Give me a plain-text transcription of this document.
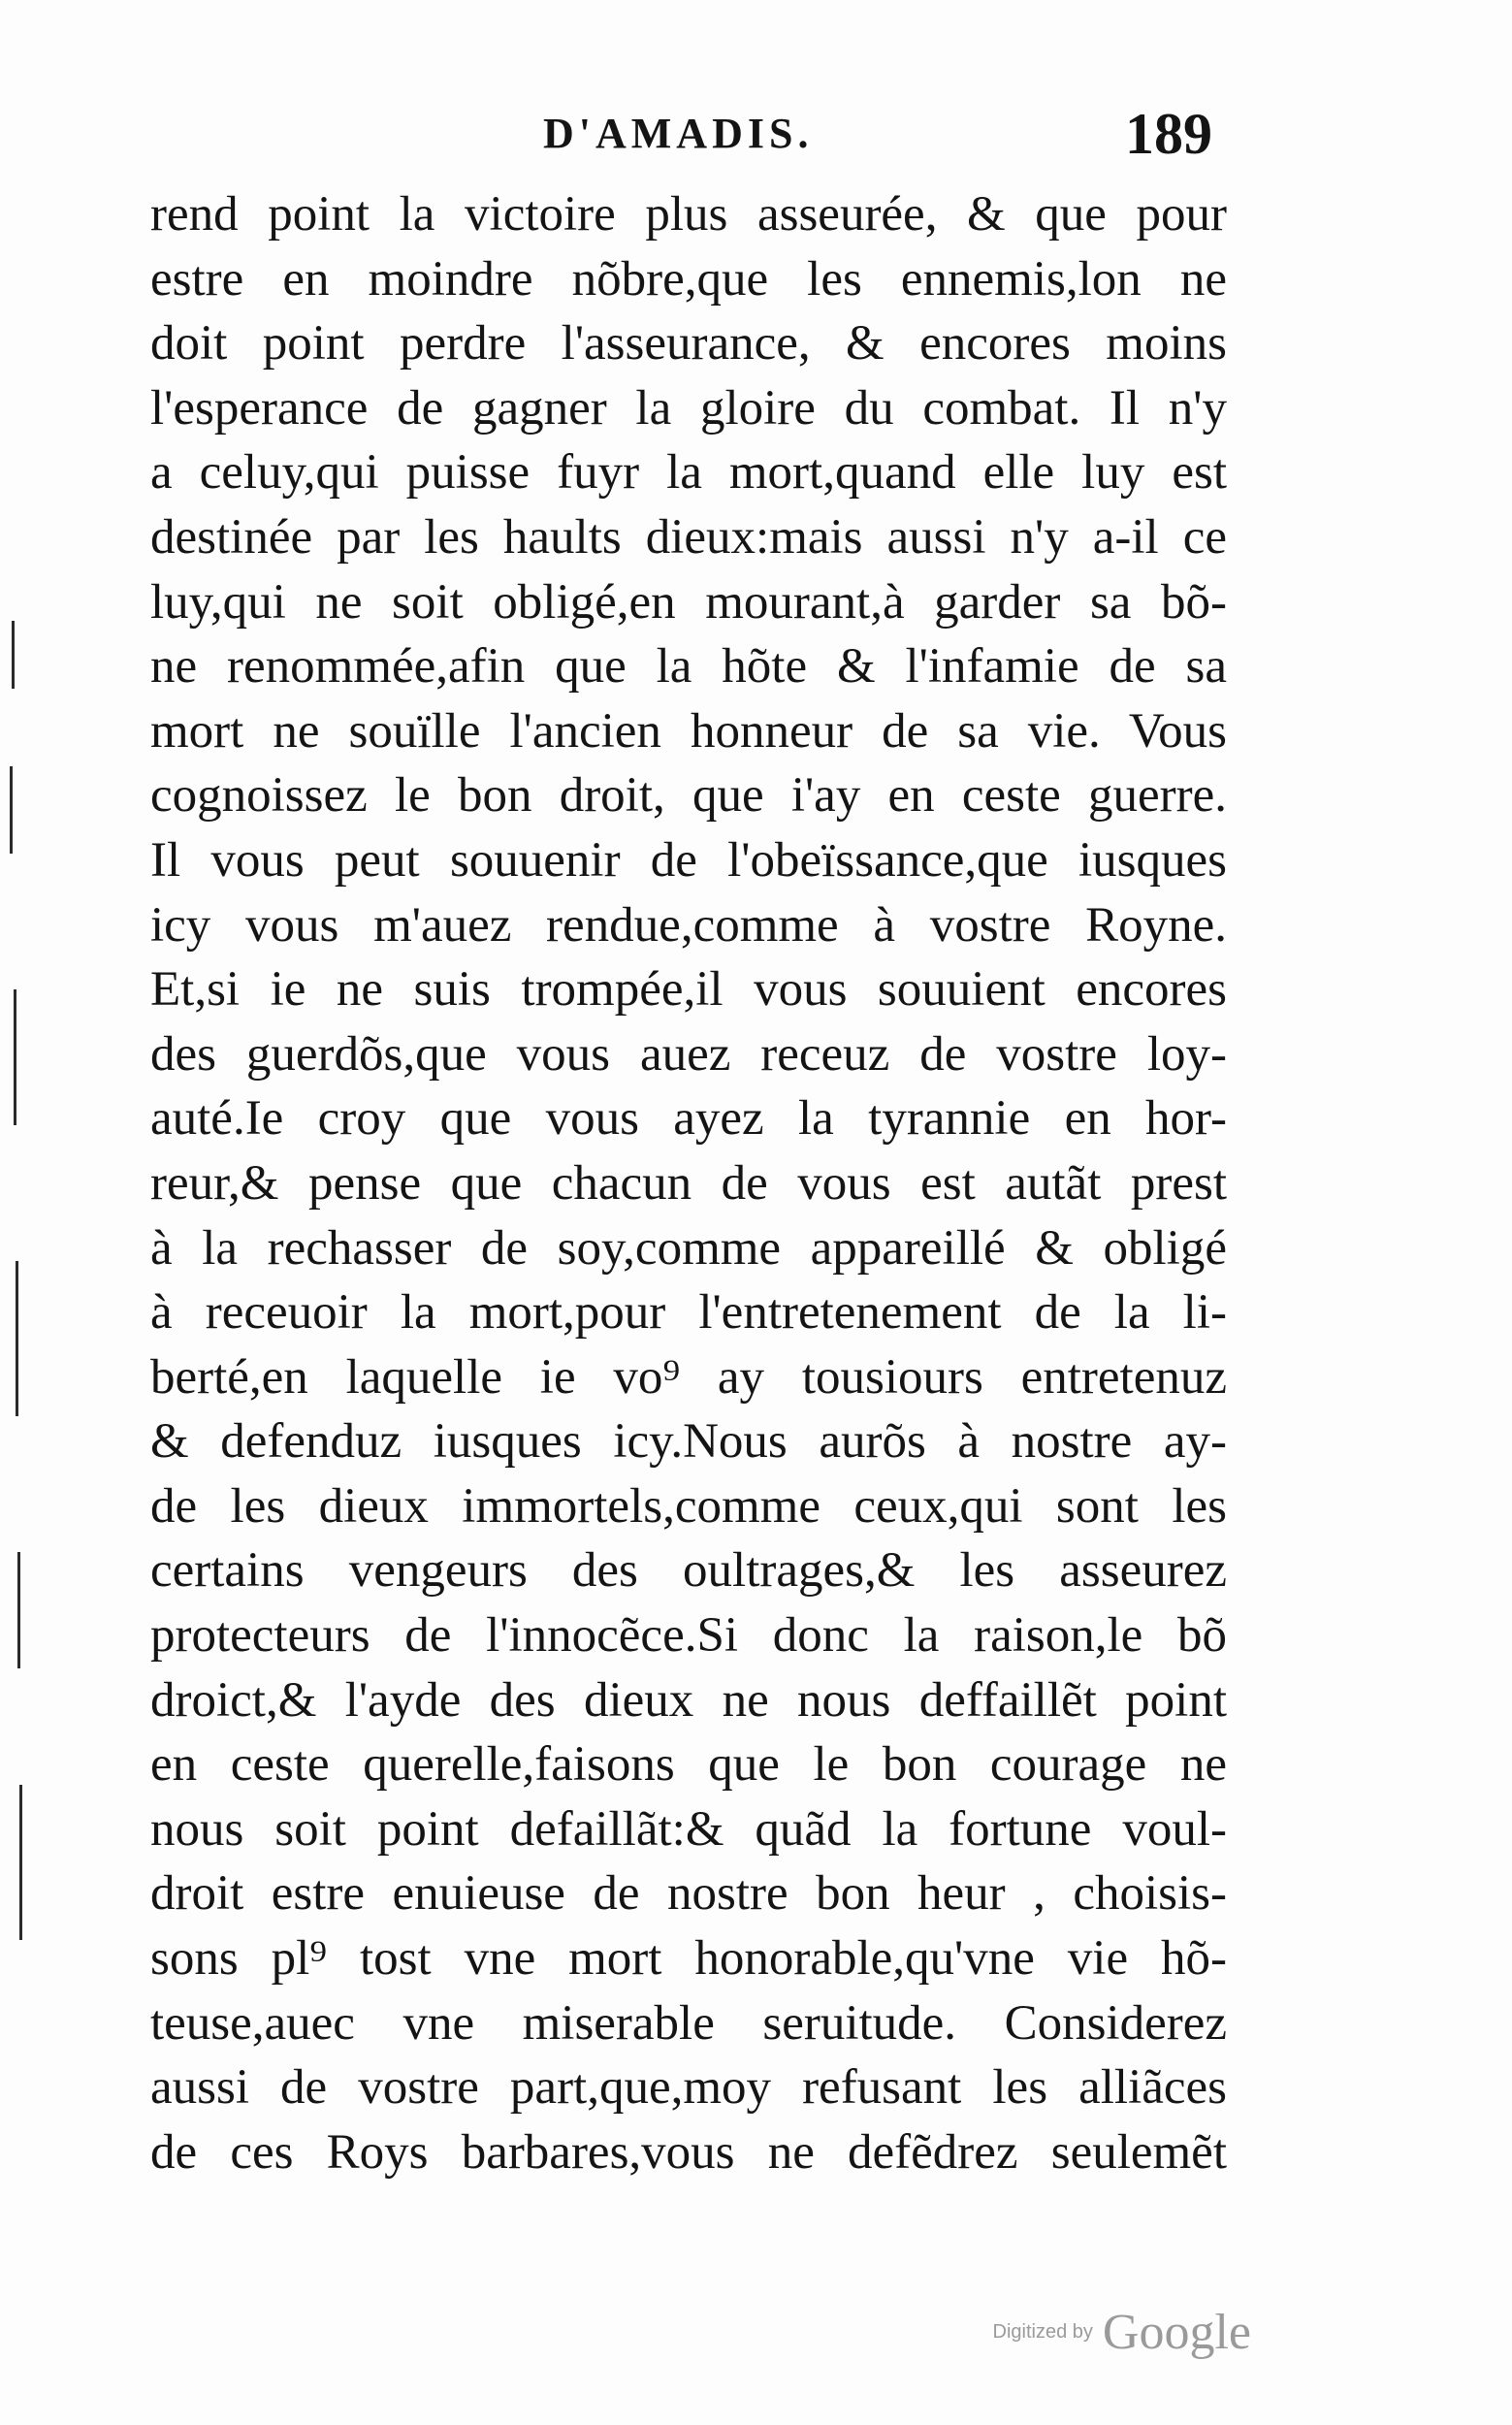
D'AMADIS.	189
rend point la victoire plus asseurée, & que pour
estre en moindre nõbre,que les ennemis,lon ne
doit point perdre l'asseurance, & encores moins
l'esperance de gagner la gloire du combat. Il n'y
a celuy,qui puisse fuyr la mort,quand elle luy est
destinée par les haults dieux:mais aussi n'y a-il ce
luy,qui ne soit obligé,en mourant,à garder sa bõ-
ne renommée,afin que la hõte & l'infamie de sa
mort ne souïlle l'ancien honneur de sa vie. Vous
cognoissez le bon droit, que i'ay en ceste guerre.
Il vous peut souuenir de l'obeïssance,que iusques
icy vous m'auez rendue,comme à vostre Royne.
Et,si ie ne suis trompée,il vous souuient encores
des guerdõs,que vous auez receuz de vostre loy-
auté.Ie croy que vous ayez la tyrannie en hor-
reur,& pense que chacun de vous est autãt prest
à la rechasser de soy,comme appareillé & obligé
à receuoir la mort,pour l'entretenement de la li-
berté,en laquelle ie vo⁹ ay tousiours entretenuz
& defenduz iusques icy.Nous aurõs à nostre ay-
de les dieux immortels,comme ceux,qui sont les
certains vengeurs des oultrages,& les asseurez
protecteurs de l'innocẽce.Si donc la raison,le bõ
droict,& l'ayde des dieux ne nous deffaillẽt point
en ceste querelle,faisons que le bon courage ne
nous soit point defaillãt:& quãd la fortune voul-
droit estre enuieuse de nostre bon heur , choisis-
sons pl⁹ tost vne mort honorable,qu'vne vie hõ-
teuse,auec vne miserable seruitude. Considerez
aussi de vostre part,que,moy refusant les alliãces
de ces Roys barbares,vous ne defẽdrez seulemẽt
Digitized by Google
